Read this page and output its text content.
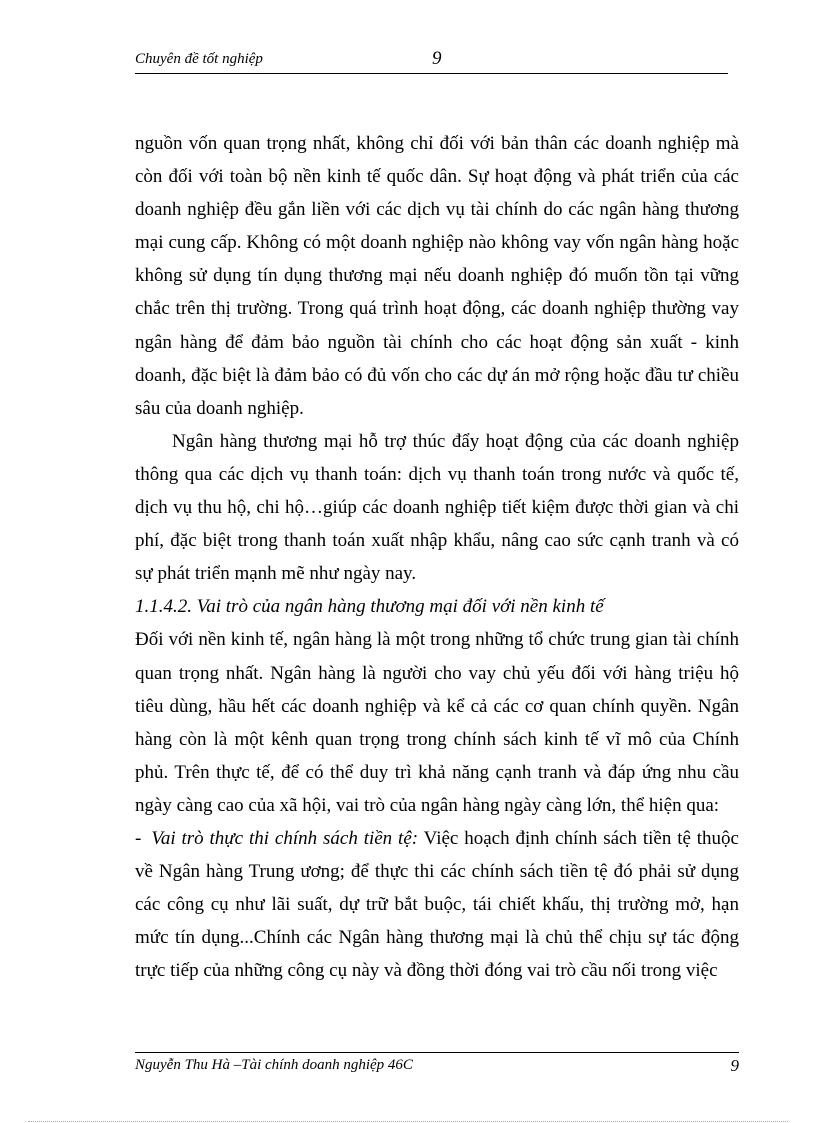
Chuyên đề tốt nghiệp	9

nguồn vốn quan trọng nhất, không chỉ đối với bản thân các doanh nghiệp mà còn đối với toàn bộ nền kinh tế quốc dân. Sự hoạt động và phát triển của các doanh nghiệp đều gắn liền với các dịch vụ tài chính do các ngân hàng thương mại cung cấp. Không có một doanh nghiệp nào không vay vốn ngân hàng hoặc không sử dụng tín dụng thương mại nếu doanh nghiệp đó muốn tồn tại vững chắc trên thị trường. Trong quá trình hoạt động, các doanh nghiệp thường vay ngân hàng để đảm bảo nguồn tài chính cho các hoạt động sản xuất - kinh doanh, đặc biệt là đảm bảo có đủ vốn cho các dự án mở rộng hoặc đầu tư chiều sâu của doanh nghiệp.

Ngân hàng thương mại hỗ trợ thúc đẩy hoạt động của các doanh nghiệp thông qua các dịch vụ thanh toán: dịch vụ thanh toán trong nước và quốc tế, dịch vụ thu hộ, chi hộ…giúp các doanh nghiệp tiết kiệm được thời gian và chi phí, đặc biệt trong thanh toán xuất nhập khẩu, nâng cao sức cạnh tranh và có sự phát triển mạnh mẽ như ngày nay.

1.1.4.2. Vai trò của ngân hàng thương mại đối với nền kinh tế

Đối với nền kinh tế, ngân hàng là một trong những tổ chức trung gian tài chính quan trọng nhất. Ngân hàng là người cho vay chủ yếu đối với hàng triệu hộ tiêu dùng, hầu hết các doanh nghiệp và kể cả các cơ quan chính quyền. Ngân hàng còn là một kênh quan trọng trong chính sách kinh tế vĩ mô của Chính phủ. Trên thực tế, để có thể duy trì khả năng cạnh tranh và đáp ứng nhu cầu ngày càng cao của xã hội, vai trò của ngân hàng ngày càng lớn, thể hiện qua:

- Vai trò thực thi chính sách tiền tệ: Việc hoạch định chính sách tiền tệ thuộc về Ngân hàng Trung ương; để thực thi các chính sách tiền tệ đó phải sử dụng các công cụ như lãi suất, dự trữ bắt buộc, tái chiết khấu, thị trường mở, hạn mức tín dụng...Chính các Ngân hàng thương mại là chủ thể chịu sự tác động trực tiếp của những công cụ này và đồng thời đóng vai trò cầu nối trong việc

Nguyễn Thu Hà –Tài chính doanh nghiệp 46C	9
